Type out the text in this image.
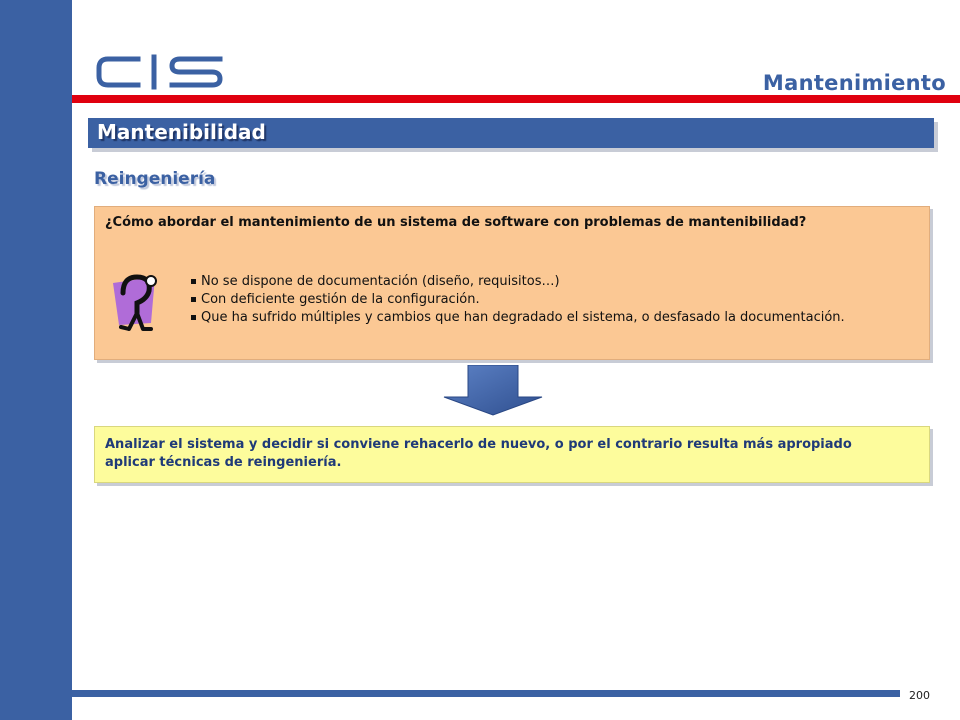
Mantenimiento
Mantenibilidad
Reingeniería
¿Cómo abordar el mantenimiento de un sistema de software con problemas de mantenibilidad?
No se dispone de documentación (diseño, requisitos…)
Con deficiente gestión de la configuración.
Que ha sufrido múltiples y cambios que han degradado el sistema, o desfasado la documentación.
Analizar el sistema y decidir si conviene rehacerlo de nuevo, o por el contrario resulta más apropiado aplicar técnicas de reingeniería.
200
